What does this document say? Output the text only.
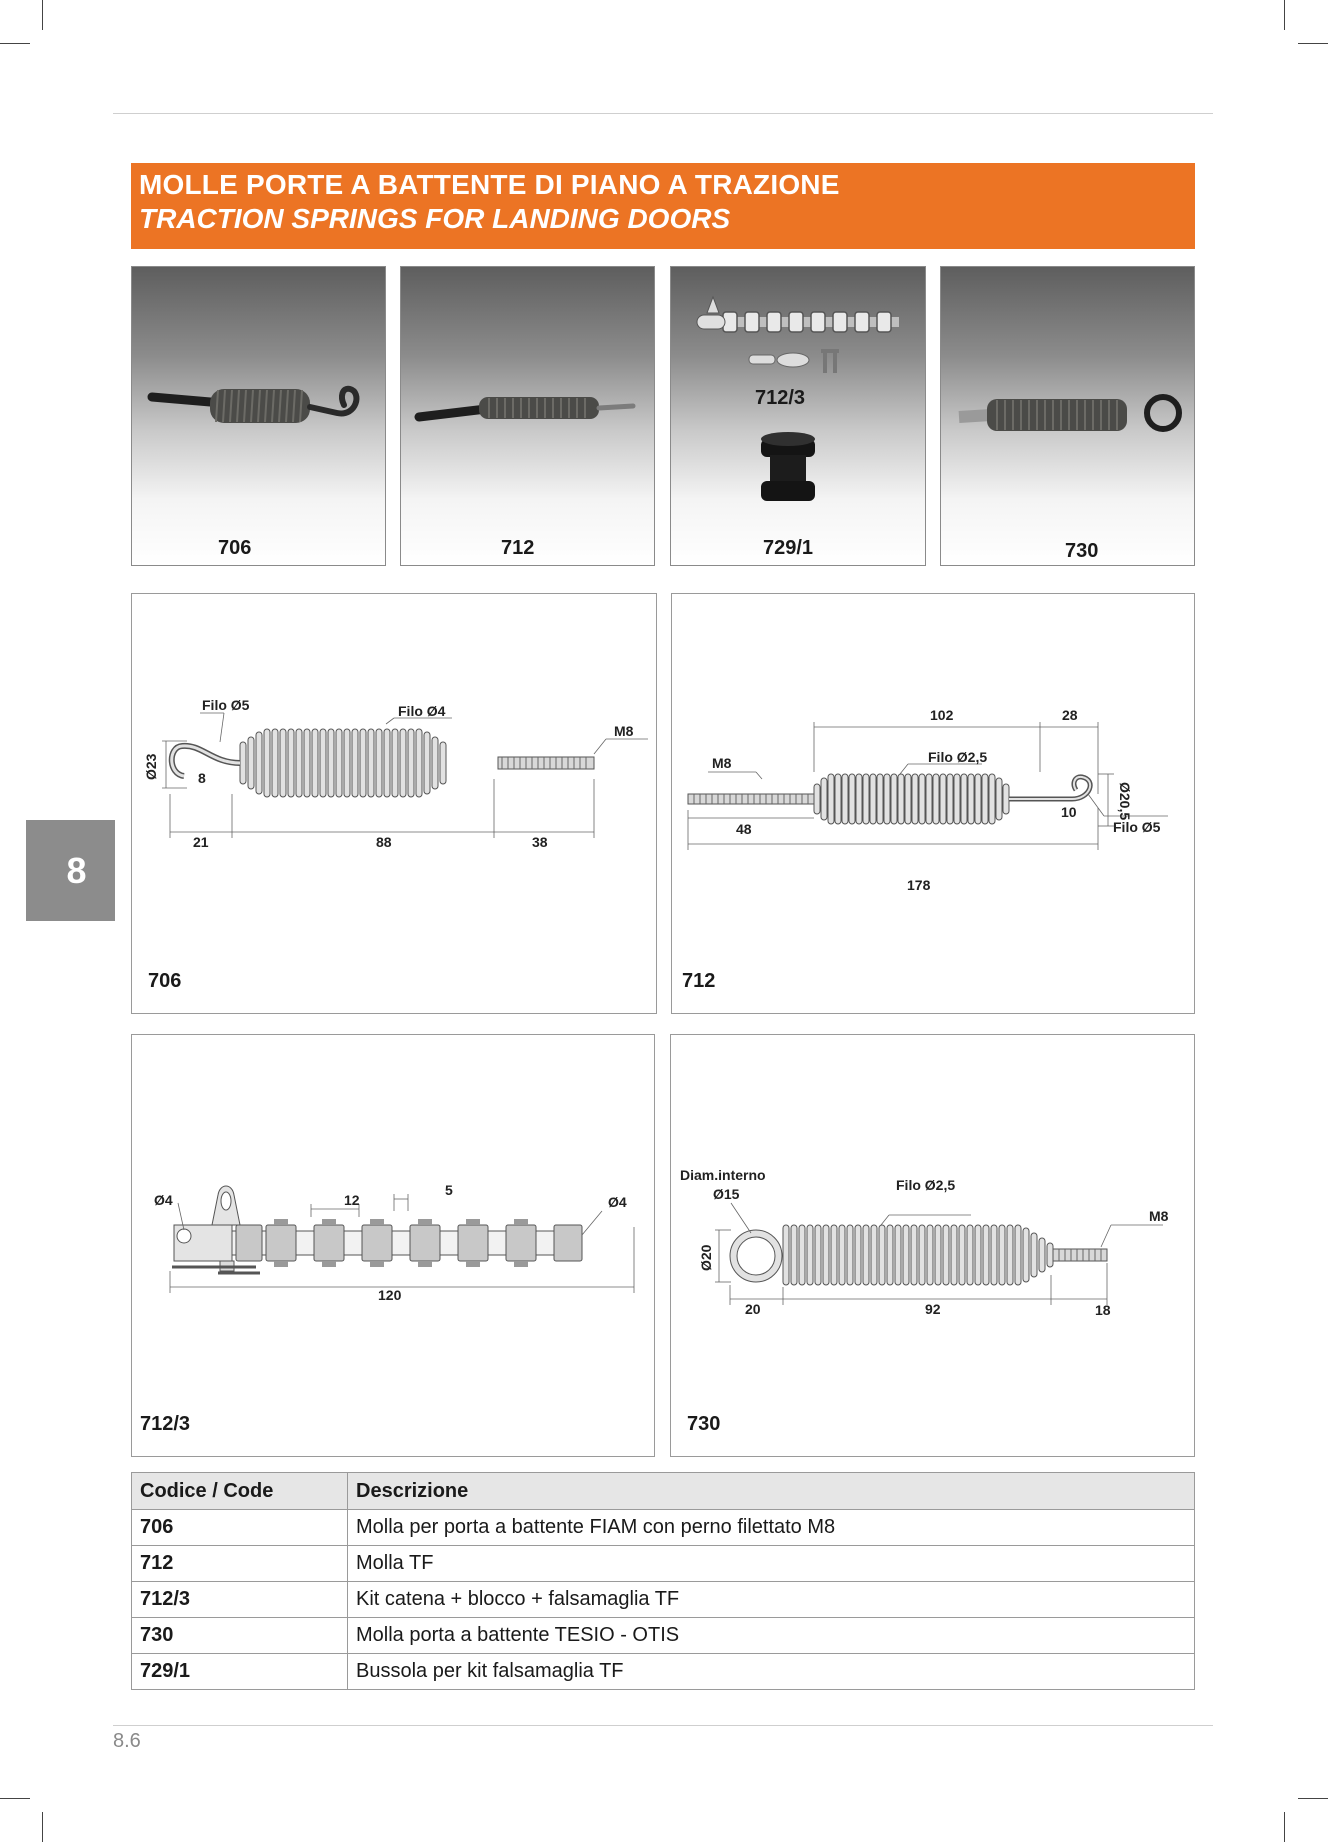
MOLLE PORTE A BATTENTE DI PIANO A TRAZIONE
TRACTION SPRINGS FOR LANDING DOORS
706	712
712/3
729/1	730
8
Filo Ø5	Filo Ø4
M8
8
Ø23
21	88	38
706
102	28
M8	Filo Ø2,5
10	Ø20,5
Filo Ø5
48
178
712
Ø4	Ø4
12
5
120
712/3
Diam.interno
Ø15
Filo Ø2,5
M8
Ø20
20	92	18
730
Codice / Code	Descrizione
706	Molla per porta a battente FIAM con perno filettato M8
712	Molla TF
712/3	Kit catena + blocco + falsamaglia TF
730	Molla porta a battente TESIO - OTIS
729/1	Bussola per kit falsamaglia TF
8.6
